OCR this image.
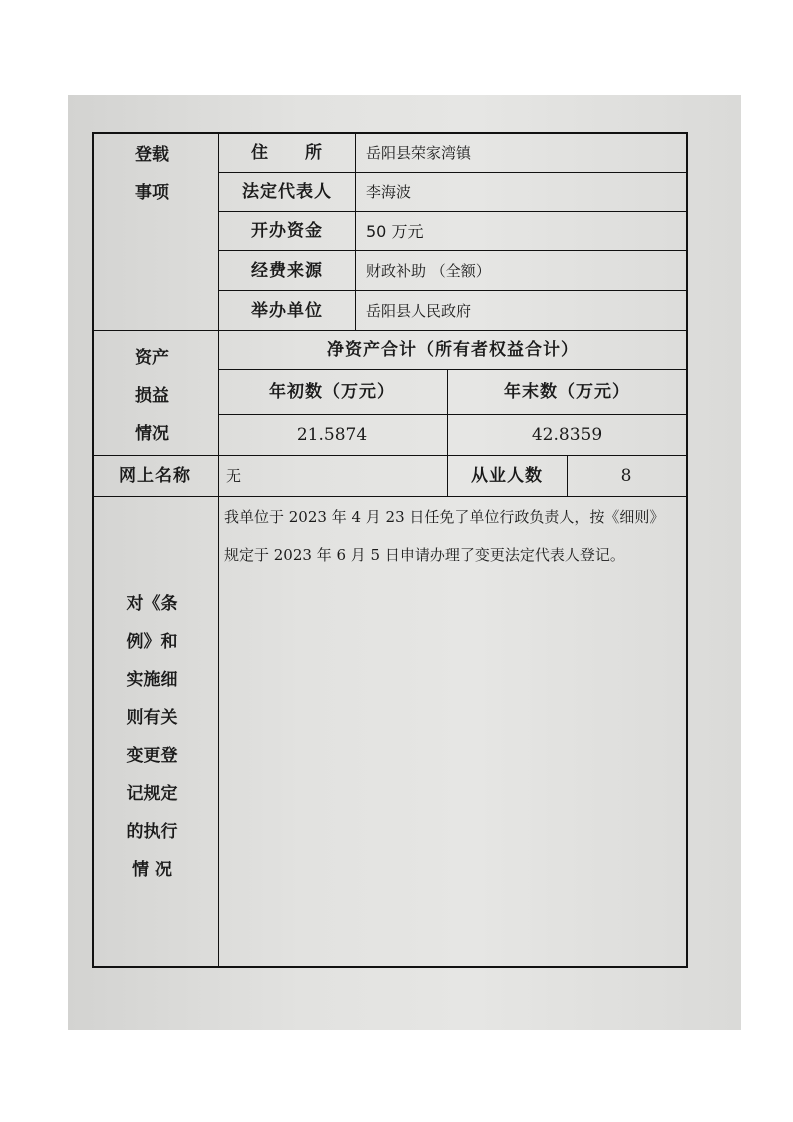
登载
事项
住　　所	岳阳县荣家湾镇
法定代表人 李海波
开办资金	50 万元
经费来源	财政补助 （全额）
举办单位	岳阳县人民政府
资产
损益
情况
净资产合计（所有者权益合计）
年初数（万元）	年末数（万元）
21.5874	42.8359
网上名称 无	从业人数	8
对《条
例》和
实施细
则有关
变更登
记规定
的执行
情 况
我单位于 2023 年 4 月 23 日任免了单位行政负责人，按《细则》
规定于 2023 年 6 月 5 日申请办理了变更法定代表人登记。
